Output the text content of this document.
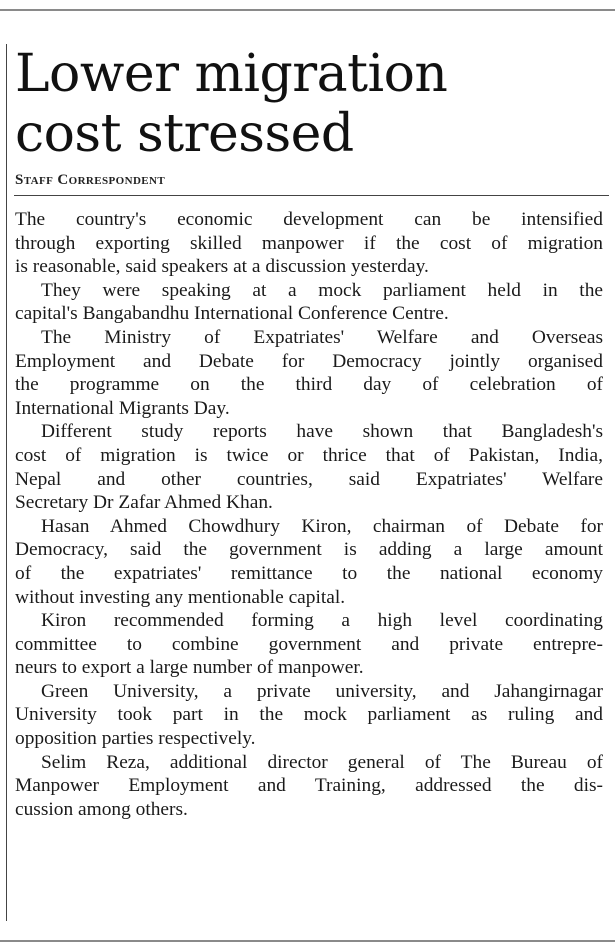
Lower migration
cost stressed
Staff Correspondent
The country's economic development can be intensified
through exporting skilled manpower if the cost of migration
is reasonable, said speakers at a discussion yesterday.
They were speaking at a mock parliament held in the
capital's Bangabandhu International Conference Centre.
The Ministry of Expatriates' Welfare and Overseas
Employment and Debate for Democracy jointly organised
the programme on the third day of celebration of
International Migrants Day.
Different study reports have shown that Bangladesh's
cost of migration is twice or thrice that of Pakistan, India,
Nepal and other countries, said Expatriates' Welfare
Secretary Dr Zafar Ahmed Khan.
Hasan Ahmed Chowdhury Kiron, chairman of Debate for
Democracy, said the government is adding a large amount
of the expatriates' remittance to the national economy
without investing any mentionable capital.
Kiron recommended forming a high level coordinating
committee to combine government and private entrepre-
neurs to export a large number of manpower.
Green University, a private university, and Jahangirnagar
University took part in the mock parliament as ruling and
opposition parties respectively.
Selim Reza, additional director general of The Bureau of
Manpower Employment and Training, addressed the dis-
cussion among others.
